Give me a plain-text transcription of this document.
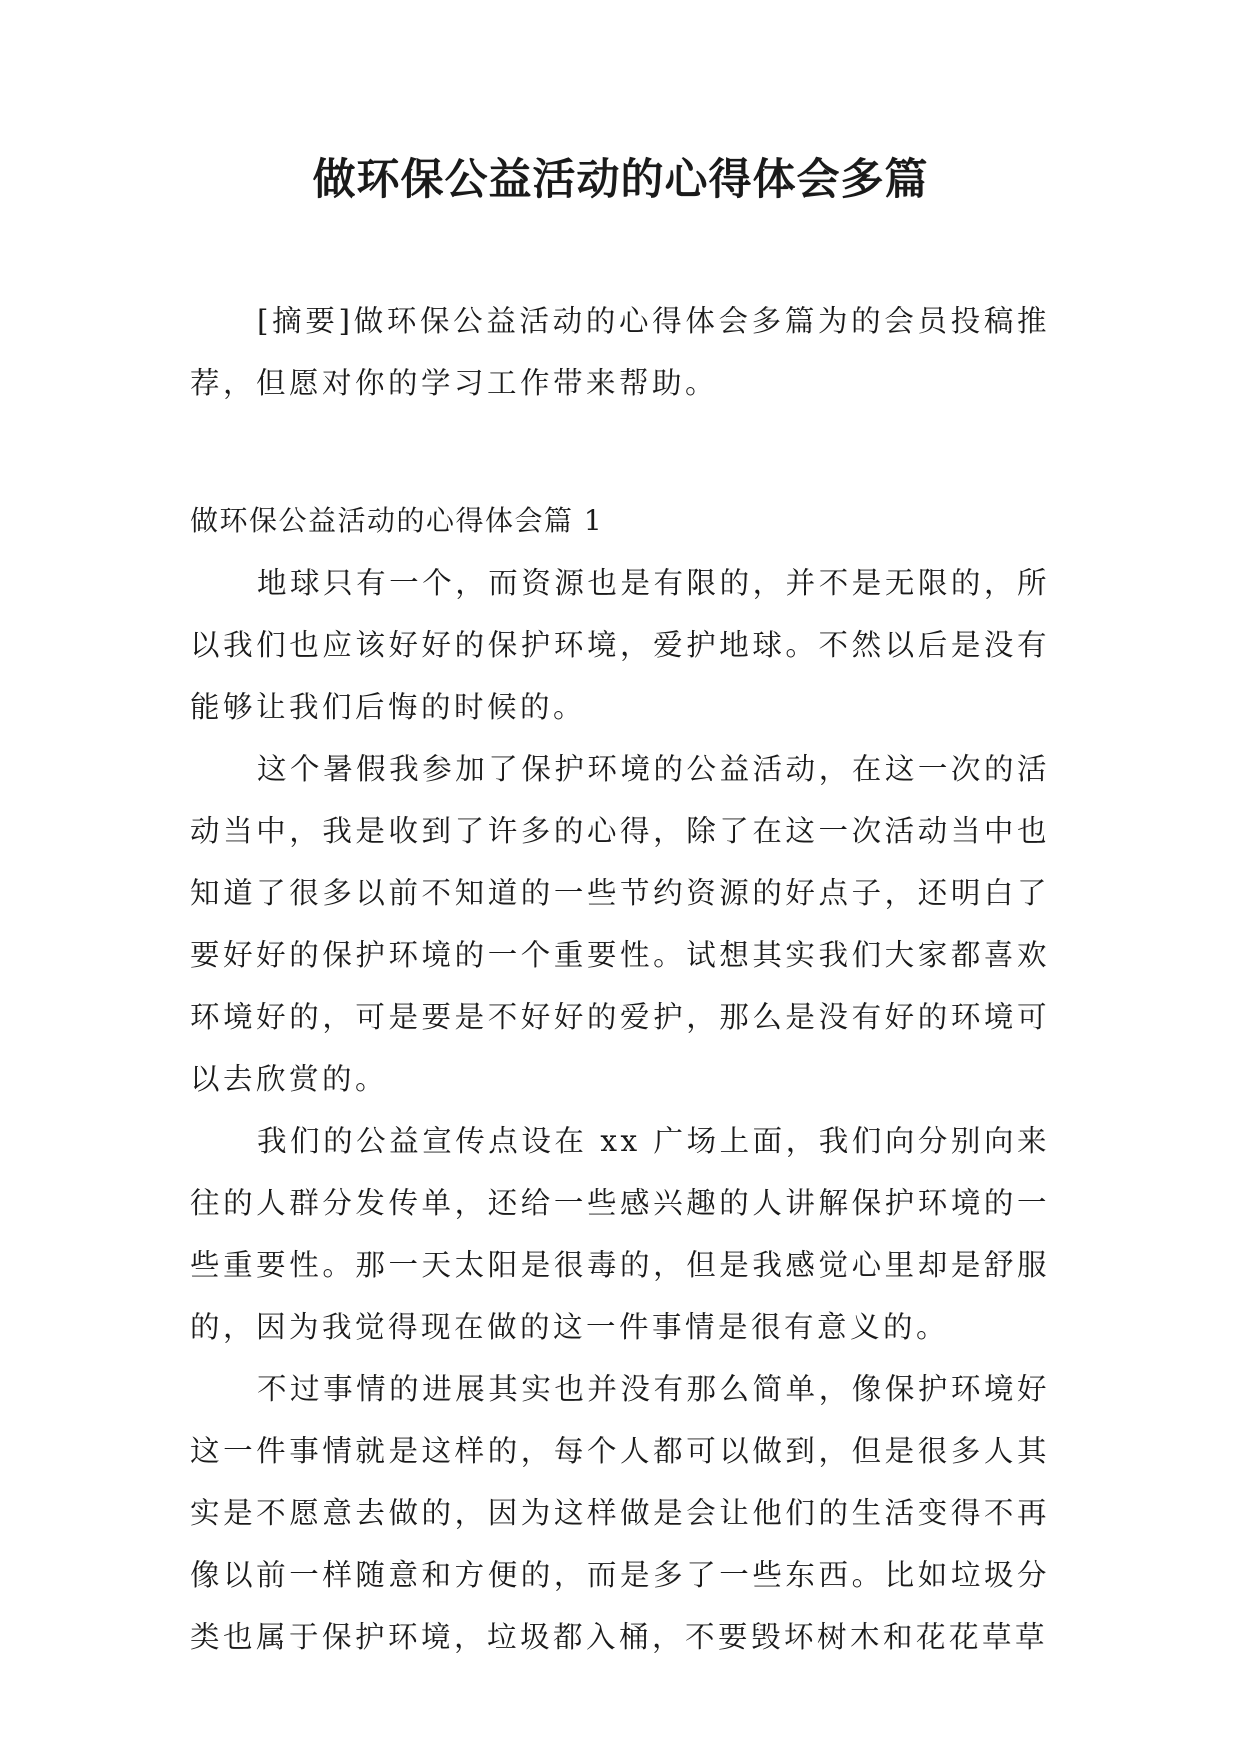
做环保公益活动的心得体会多篇

[摘要]做环保公益活动的心得体会多篇为的会员投稿推荐，但愿对你的学习工作带来帮助。

做环保公益活动的心得体会篇 1

地球只有一个，而资源也是有限的，并不是无限的，所以我们也应该好好的保护环境，爱护地球。不然以后是没有能够让我们后悔的时候的。

这个暑假我参加了保护环境的公益活动，在这一次的活动当中，我是收到了许多的心得，除了在这一次活动当中也知道了很多以前不知道的一些节约资源的好点子，还明白了要好好的保护环境的一个重要性。试想其实我们大家都喜欢环境好的，可是要是不好好的爱护，那么是没有好的环境可以去欣赏的。

我们的公益宣传点设在 xx 广场上面，我们向分别向来往的人群分发传单，还给一些感兴趣的人讲解保护环境的一些重要性。那一天太阳是很毒的，但是我感觉心里却是舒服的，因为我觉得现在做的这一件事情是很有意义的。

不过事情的进展其实也并没有那么简单，像保护环境好这一件事情就是这样的，每个人都可以做到，但是很多人其实是不愿意去做的，因为这样做是会让他们的生活变得不再像以前一样随意和方便的，而是多了一些东西。比如垃圾分类也属于保护环境，垃圾都入桶，不要毁坏树木和花花草草
